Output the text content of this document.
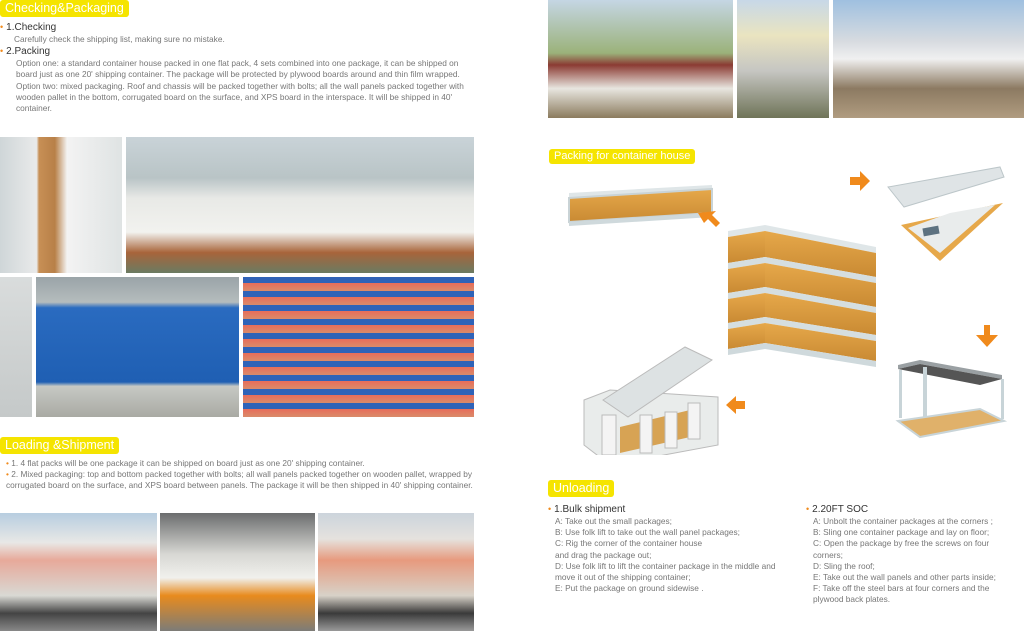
Checking&Packaging
• 1.Checking
Carefully check the shipping list, making sure no mistake.
• 2.Packing
Option one: a standard container house packed in one flat pack, 4 sets combined into one package, it can be shipped on board just as one 20' shipping container. The package will be protected by plywood boards around and thin film wrapped.
Option two: mixed packaging. Roof and chassis will be packed together with bolts; all the wall panels packed together with wooden pallet in the bottom, corrugated board on the surface, and XPS board in the interspace. It will be shipped in 40' container.
Loading &Shipment
• 1. 4 flat packs will be one package it can be shipped on board just as one 20' shipping container.
• 2. Mixed packaging: top and bottom packed together with bolts; all wall panels packed together on wooden pallet, wrapped by corrugated board on the surface, and XPS board between panels. The package it will be then shipped in 40' shipping container.
Packing for container house
Unloading
• 1.Bulk shipment
A: Take out the small packages;
B: Use folk lift to take out the wall panel packages;
C: Rig the corner of the container house and drag the package out;
D: Use folk lift to lift the container package in the middle and move it out of the shipping container;
E: Put the package on ground sidewise .
• 2.20FT SOC
A: Unbolt the container packages at the corners ;
B: Sling one container package and lay on floor;
C: Open the package by free the screws on four corners;
D: Sling the roof;
E: Take out the wall panels and other parts inside;
F: Take off the steel bars at four corners and the plywood back plates.
